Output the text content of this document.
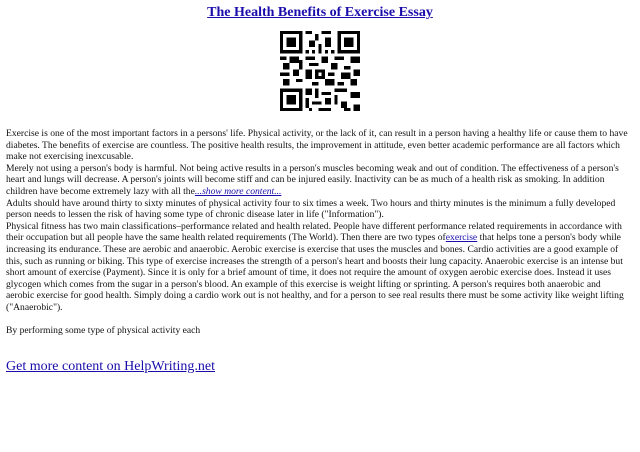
The Health Benefits of Exercise Essay

Exercise is one of the most important factors in a persons' life. Physical activity, or the lack of it, can result in a person having a healthy life or cause them to have diabetes. The benefits of exercise are countless. The positive health results, the improvement in attitude, even better academic performance are all factors which make not exercising inexcusable.

Merely not using a person's body is harmful. Not being active results in a person's muscles becoming weak and out of condition. The effectiveness of a person's heart and lungs will decrease. A person's joints will become stiff and can be injured easily. Inactivity can be as much of a health risk as smoking. In addition children have become extremely lazy with all the...show more content...

Adults should have around thirty to sixty minutes of physical activity four to six times a week. Two hours and thirty minutes is the minimum a fully developed person needs to lessen the risk of having some type of chronic disease later in life ("Information").

Physical fitness has two main classifications–performance related and health related. People have different performance related requirements in accordance with their occupation but all people have the same health related requirements (The World). Then there are two types ofexercise that helps tone a person's body while increasing its endurance. These are aerobic and anaerobic. Aerobic exercise is exercise that uses the muscles and bones. Cardio activities are a good example of this, such as running or biking. This type of exercise increases the strength of a person's heart and boosts their lung capacity. Anaerobic exercise is an intense but short amount of exercise (Payment). Since it is only for a brief amount of time, it does not require the amount of oxygen aerobic exercise does. Instead it uses glycogen which comes from the sugar in a person's blood. An example of this exercise is weight lifting or sprinting. A person's requires both anaerobic and aerobic exercise for good health. Simply doing a cardio work out is not healthy, and for a person to see real results there must be some activity like weight lifting ("Anaerobic").

By performing some type of physical activity each

Get more content on HelpWriting.net
